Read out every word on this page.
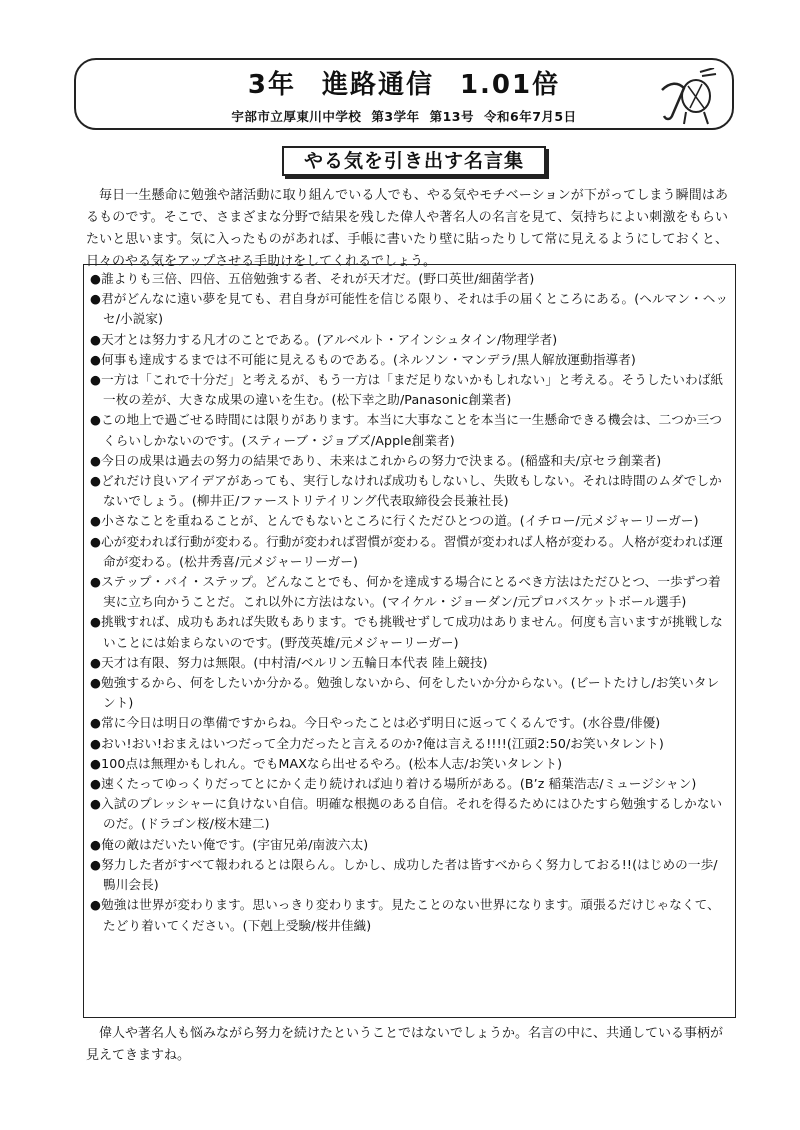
3年 進路通信 1.01倍
宇部市立厚東川中学校 第3学年 第13号 令和6年7月5日
やる気を引き出す名言集
毎日一生懸命に勉強や諸活動に取り組んでいる人でも、やる気やモチベーションが下がってしまう瞬間はあるものです。そこで、さまざまな分野で結果を残した偉人や著名人の名言を見て、気持ちによい刺激をもらいたいと思います。気に入ったものがあれば、手帳に書いたり壁に貼ったりして常に見えるようにしておくと、日々のやる気をアップさせる手助けをしてくれるでしょう。
●誰よりも三倍、四倍、五倍勉強する者、それが天才だ。(野口英世/細菌学者)
●君がどんなに遠い夢を見ても、君自身が可能性を信じる限り、それは手の届くところにある。(ヘルマン・ヘッセ/小説家)
●天才とは努力する凡才のことである。(アルベルト・アインシュタイン/物理学者)
●何事も達成するまでは不可能に見えるものである。(ネルソン・マンデラ/黒人解放運動指導者)
●一方は「これで十分だ」と考えるが、もう一方は「まだ足りないかもしれない」と考える。そうしたいわば紙一枚の差が、大きな成果の違いを生む。(松下幸之助/Panasonic創業者)
●この地上で過ごせる時間には限りがあります。本当に大事なことを本当に一生懸命できる機会は、二つか三つくらいしかないのです。(スティーブ・ジョブズ/Apple創業者)
●今日の成果は過去の努力の結果であり、未来はこれからの努力で決まる。(稲盛和夫/京セラ創業者)
●どれだけ良いアイデアがあっても、実行しなければ成功もしないし、失敗もしない。それは時間のムダでしかないでしょう。(柳井正/ファーストリテイリング代表取締役会長兼社長)
●小さなことを重ねることが、とんでもないところに行くただひとつの道。(イチロー/元メジャーリーガー)
●心が変われば行動が変わる。行動が変われば習慣が変わる。習慣が変われば人格が変わる。人格が変われば運命が変わる。(松井秀喜/元メジャーリーガー)
●ステップ・バイ・ステップ。どんなことでも、何かを達成する場合にとるべき方法はただひとつ、一歩ずつ着実に立ち向かうことだ。これ以外に方法はない。(マイケル・ジョーダン/元プロバスケットボール選手)
●挑戦すれば、成功もあれば失敗もあります。でも挑戦せずして成功はありません。何度も言いますが挑戦しないことには始まらないのです。(野茂英雄/元メジャーリーガー)
●天才は有限、努力は無限。(中村清/ベルリン五輪日本代表 陸上競技)
●勉強するから、何をしたいか分かる。勉強しないから、何をしたいか分からない。(ビートたけし/お笑いタレント)
●常に今日は明日の準備ですからね。今日やったことは必ず明日に返ってくるんです。(水谷豊/俳優)
●おい!おい!おまえはいつだって全力だったと言えるのか?俺は言える!!!!(江頭2:50/お笑いタレント)
●100点は無理かもしれん。でもMAXなら出せるやろ。(松本人志/お笑いタレント)
●速くたってゆっくりだってとにかく走り続ければ辿り着ける場所がある。(B’z 稲葉浩志/ミュージシャン)
●入試のプレッシャーに負けない自信。明確な根拠のある自信。それを得るためにはひたすら勉強するしかないのだ。(ドラゴン桜/桜木建二)
●俺の敵はだいたい俺です。(宇宙兄弟/南波六太)
●努力した者がすべて報われるとは限らん。しかし、成功した者は皆すべからく努力しておる!!(はじめの一歩/鴨川会長)
●勉強は世界が変わります。思いっきり変わります。見たことのない世界になります。頑張るだけじゃなくて、たどり着いてください。(下剋上受験/桜井佳織)
偉人や著名人も悩みながら努力を続けたということではないでしょうか。名言の中に、共通している事柄が見えてきますね。
